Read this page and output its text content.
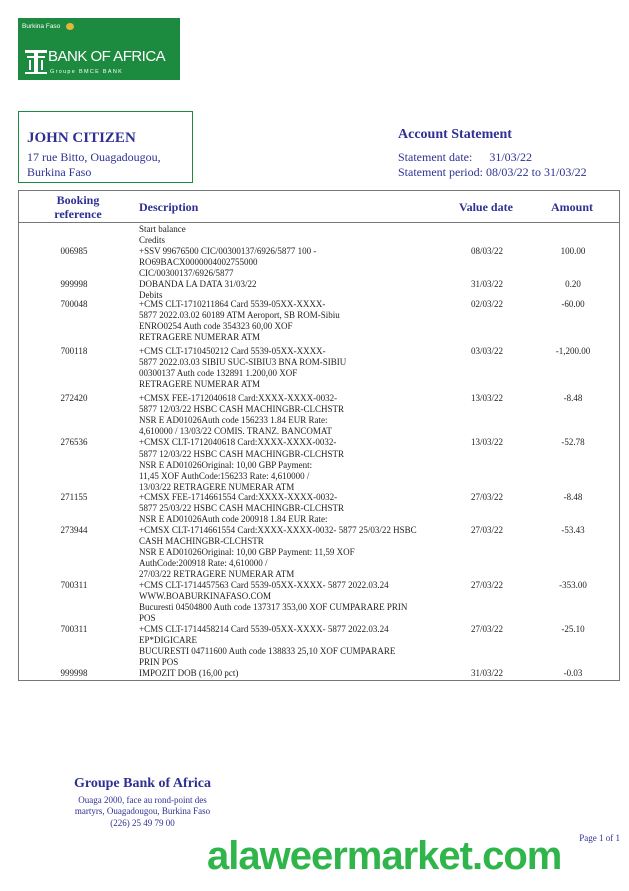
Burkina Faso
BANK OF AFRICA
Groupe BMCE BANK
JOHN CITIZEN
17 rue Bitto, Ouagadougou,
Burkina Faso
Account Statement
Statement date: 31/03/22
Statement period: 08/03/22 to 31/03/22
Booking
reference	Description	Value date	Amount
Start balance
Credits
006985	+SSV 99676500 CIC/00300137/6926/5877 100 -	08/03/22	100.00
RO69BACX0000004002755000
CIC/00300137/6926/5877
999998	DOBANDA LA DATA 31/03/22	31/03/22	0.20
Debits
700048	+CMS CLT-1710211864 Card 5539-05XX-XXXX-	02/03/22	-60.00
5877 2022.03.02 60189 ATM Aeroport, SB ROM-Sibiu
ENRO0254 Auth code 354323 60,00 XOF
RETRAGERE NUMERAR ATM
700118	+CMS CLT-1710450212 Card 5539-05XX-XXXX-	03/03/22	-1,200.00
5877 2022.03.03 SIBIU SUC-SIBIU3 BNA ROM-SIBIU
00300137 Auth code 132891 1.200,00 XOF
RETRAGERE NUMERAR ATM
272420	+CMSX FEE-1712040618 Card:XXXX-XXXX-0032-	13/03/22	-8.48
5877 12/03/22 HSBC CASH MACHINGBR-CLCHSTR
NSR E AD01026Auth code 156233 1.84 EUR Rate:
4,610000 / 13/03/22 COMIS. TRANZ. BANCOMAT
276536	+CMSX CLT-1712040618 Card:XXXX-XXXX-0032-	13/03/22	-52.78
5877 12/03/22 HSBC CASH MACHINGBR-CLCHSTR
NSR E AD01026Original: 10,00 GBP Payment:
11,45 XOF AuthCode:156233 Rate: 4,610000 /
13/03/22 RETRAGERE NUMERAR ATM
271155	+CMSX FEE-1714661554 Card:XXXX-XXXX-0032-	27/03/22	-8.48
5877 25/03/22 HSBC CASH MACHINGBR-CLCHSTR
NSR E AD01026Auth code 200918 1.84 EUR Rate:
273944	+CMSX CLT-1714661554 Card:XXXX-XXXX-0032- 5877 25/03/22 HSBC	27/03/22	-53.43
CASH MACHINGBR-CLCHSTR
NSR E AD01026Original: 10,00 GBP Payment: 11,59 XOF
AuthCode:200918 Rate: 4,610000 /
27/03/22 RETRAGERE NUMERAR ATM
700311	+CMS CLT-1714457563 Card 5539-05XX-XXXX- 5877 2022.03.24	27/03/22	-353.00
WWW.BOABURKINAFASO.COM
Bucuresti 04504800 Auth code 137317 353,00 XOF CUMPARARE PRIN
POS
700311	+CMS CLT-1714458214 Card 5539-05XX-XXXX- 5877 2022.03.24	27/03/22	-25.10
EP*DIGICARE
BUCURESTI 04711600 Auth code 138833 25,10 XOF CUMPARARE
PRIN POS
999998	IMPOZIT DOB (16,00 pct)	31/03/22	-0.03
Groupe Bank of Africa
Ouaga 2000, face au rond-point des
martyrs, Ouagadougou, Burkina Faso
(226) 25 49 79 00
Page 1 of 1
alaweermarket.com
